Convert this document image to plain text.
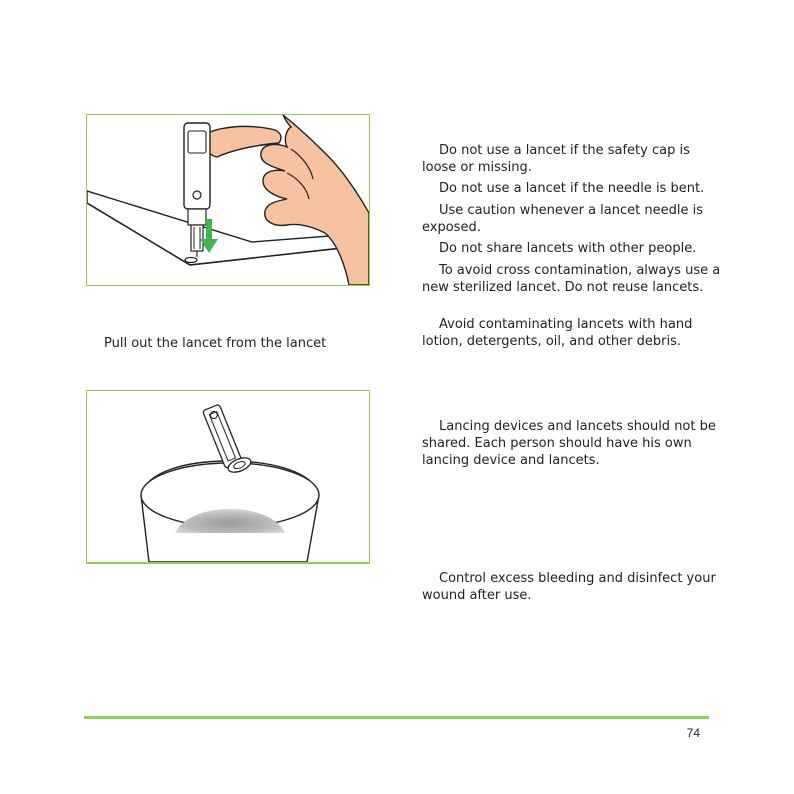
Pull out the lancet from the lancet

Do not use a lancet if the safety cap is loose or missing.

Do not use a lancet if the needle is bent.

Use caution whenever a lancet needle is exposed.

Do not share lancets with other people.

To avoid cross contamination, always use a new sterilized lancet. Do not reuse lancets.

Avoid contaminating lancets with hand lotion, detergents, oil, and other debris.

Lancing devices and lancets should not be shared. Each person should have his own lancing device and lancets.

Control excess bleeding and disinfect your wound after use.

74
